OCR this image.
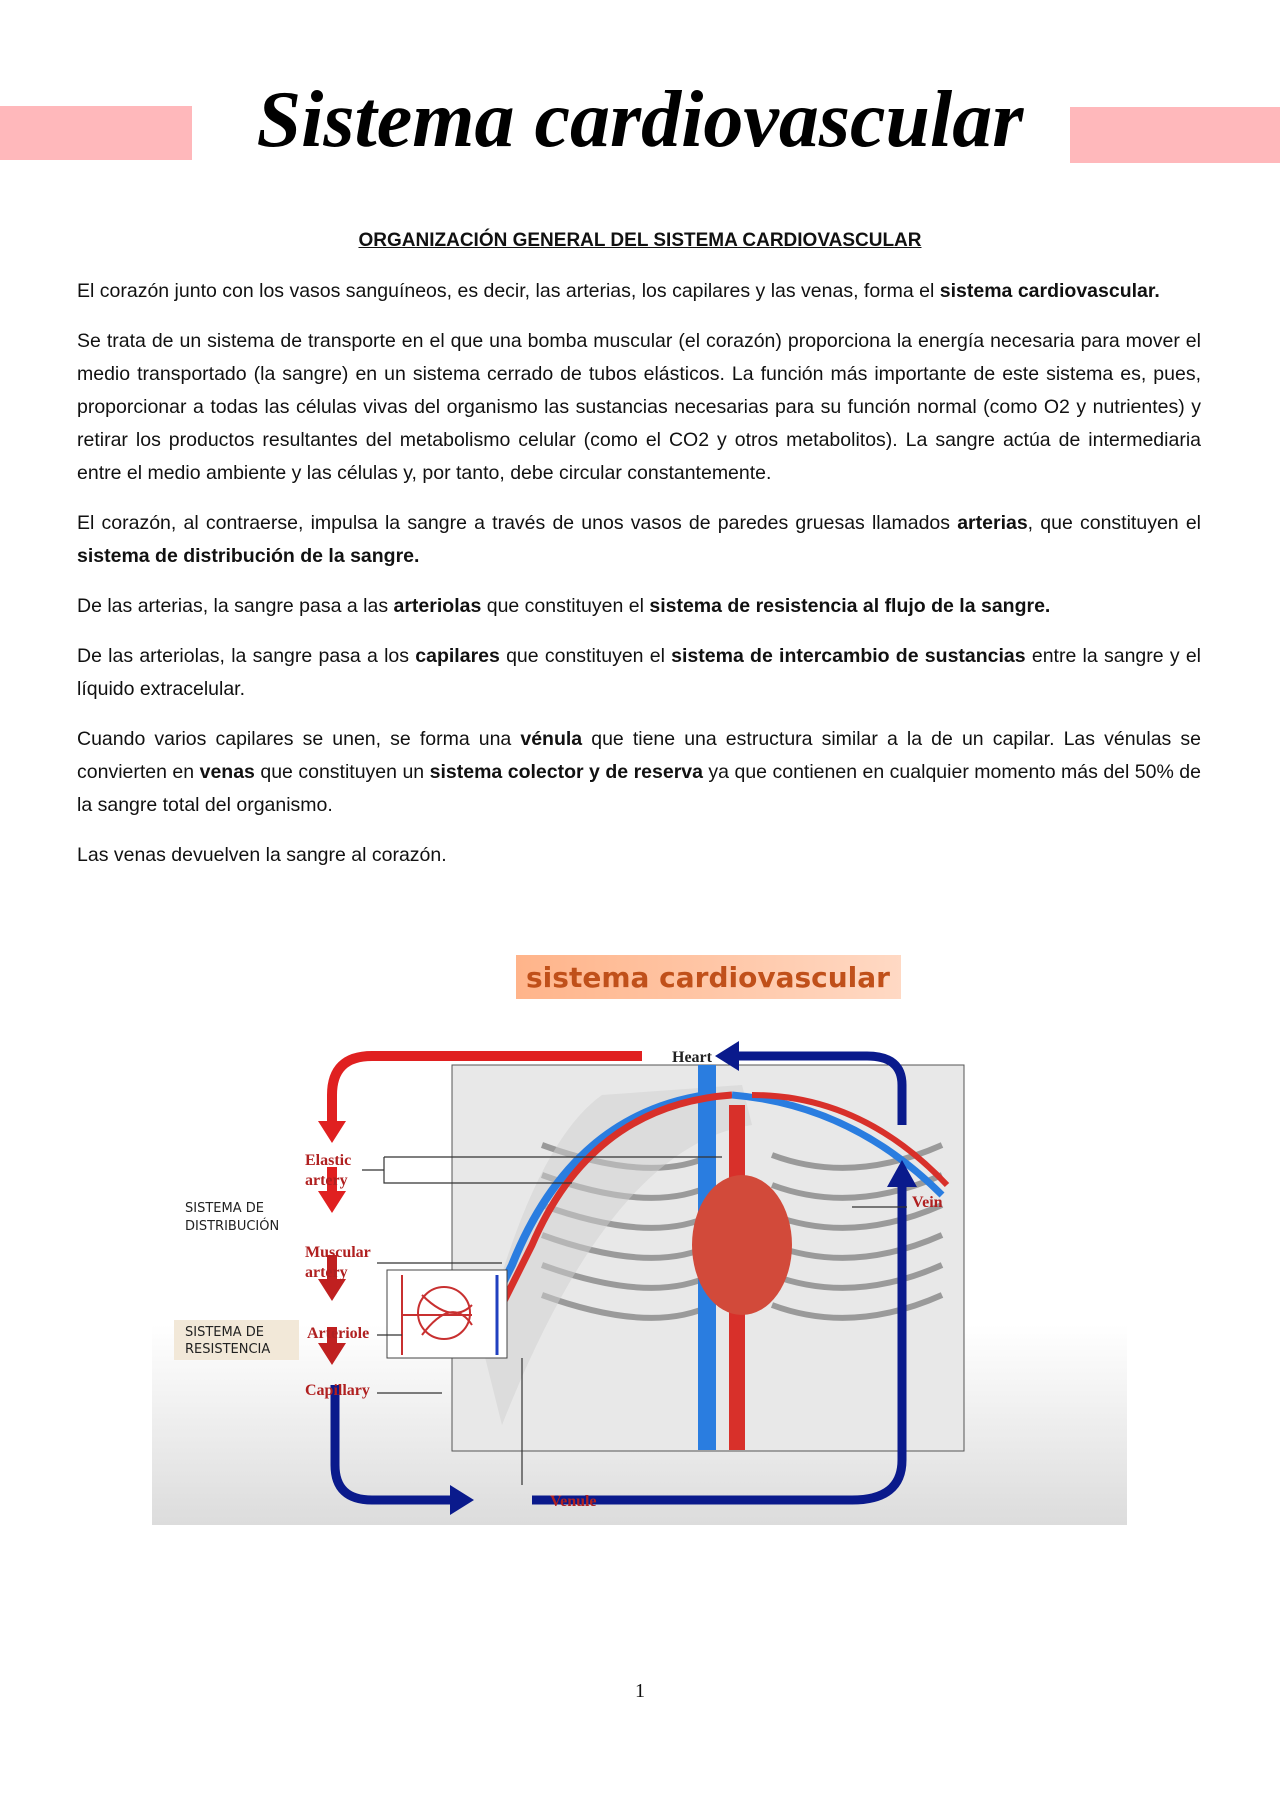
Sistema cardiovascular
ORGANIZACIÓN GENERAL DEL SISTEMA CARDIOVASCULAR

El corazón junto con los vasos sanguíneos, es decir, las arterias, los capilares y las venas, forma el sistema cardiovascular.

Se trata de un sistema de transporte en el que una bomba muscular (el corazón) proporciona la energía necesaria para mover el medio transportado (la sangre) en un sistema cerrado de tubos elásticos. La función más importante de este sistema es, pues, proporcionar a todas las células vivas del organismo las sustancias necesarias para su función normal (como O2 y nutrientes) y retirar los productos resultantes del metabolismo celular (como el CO2 y otros metabolitos). La sangre actúa de intermediaria entre el medio ambiente y las células y, por tanto, debe circular constantemente.

El corazón, al contraerse, impulsa la sangre a través de unos vasos de paredes gruesas llamados arterias, que constituyen el sistema de distribución de la sangre.

De las arterias, la sangre pasa a las arteriolas que constituyen el sistema de resistencia al flujo de la sangre.

De las arteriolas, la sangre pasa a los capilares que constituyen el sistema de intercambio de sustancias entre la sangre y el líquido extracelular.

Cuando varios capilares se unen, se forma una vénula que tiene una estructura similar a la de un capilar. Las vénulas se convierten en venas que constituyen un sistema colector y de reserva ya que contienen en cualquier momento más del 50% de la sangre total del organismo.

Las venas devuelven la sangre al corazón.

sistema cardiovascular
Heart
Elastic
artery
Muscular
artery
Arteriole
Capillary
Venule
Vein
SISTEMA DE
DISTRIBUCIÓN
SISTEMA DE
RESISTENCIA
1
